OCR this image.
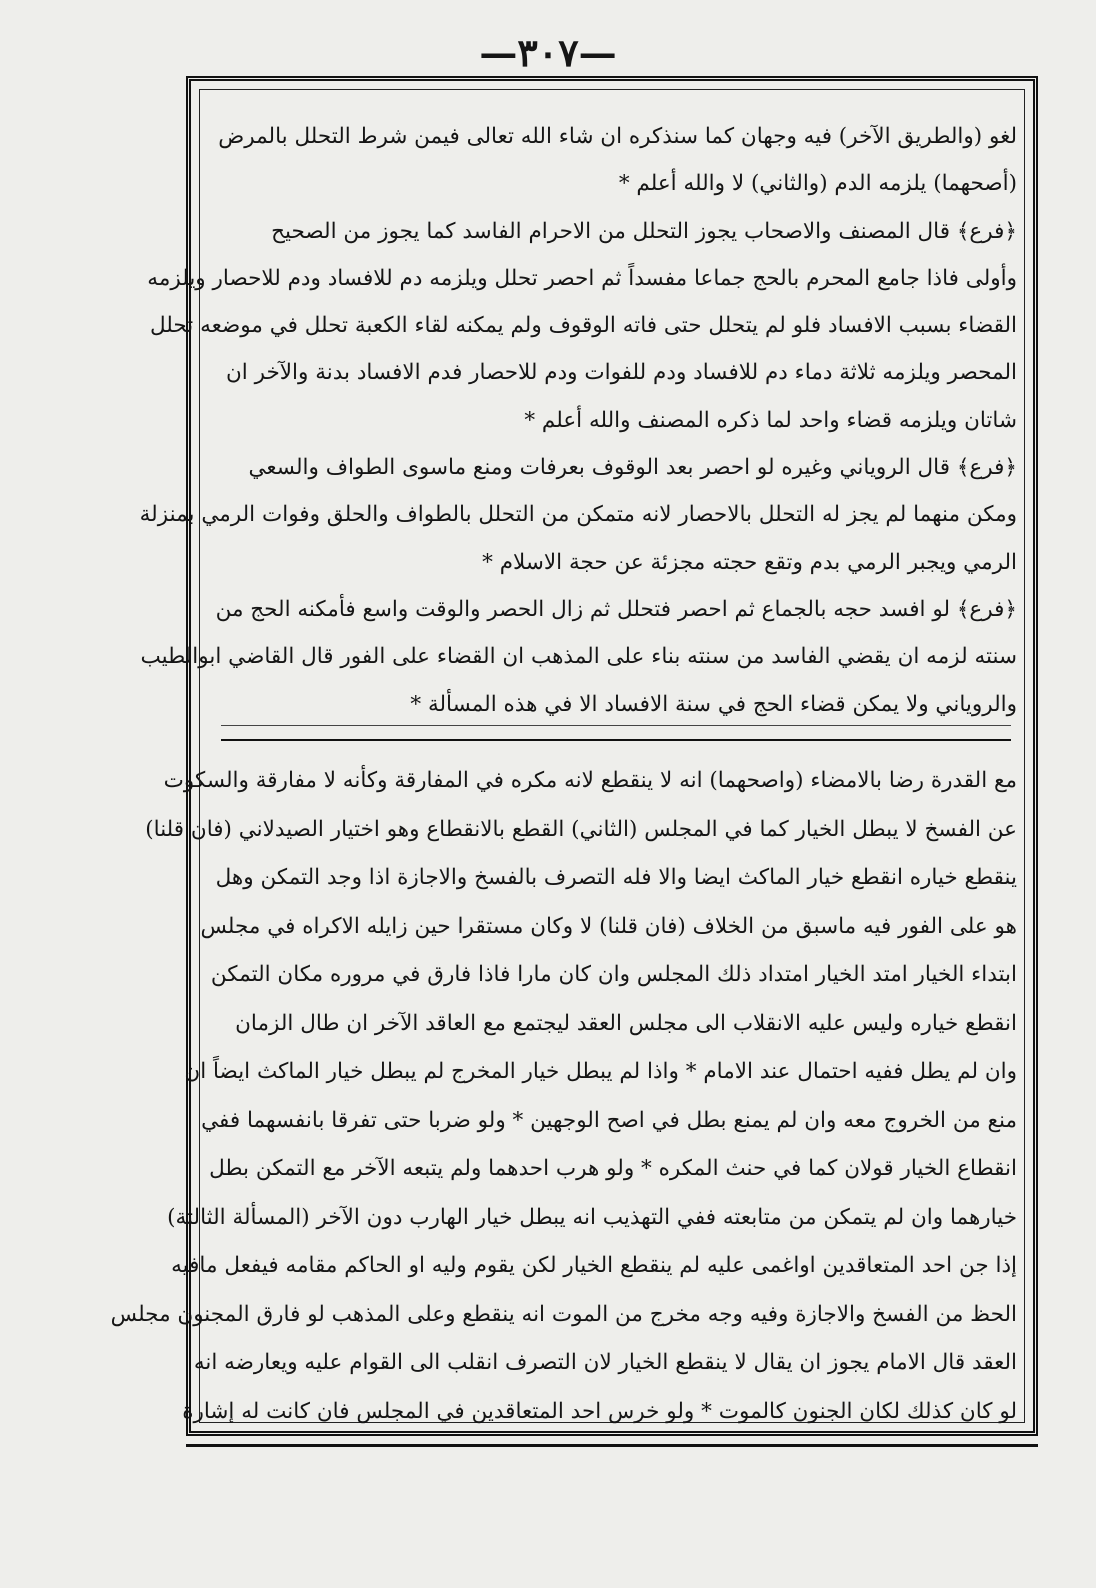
—٣٠٧—
لغو (والطريق الآخر) فيه وجهان كما سنذكره ان شاء الله تعالى فيمن شرط التحلل بالمرض
(أصحهما) يلزمه الدم (والثاني) لا والله أعلم *
﴿فرع﴾ قال المصنف والاصحاب يجوز التحلل من الاحرام الفاسد كما يجوز من الصحيح
وأولى فاذا جامع المحرم بالحج جماعا مفسداً ثم احصر تحلل ويلزمه دم للافساد ودم للاحصار ويلزمه
القضاء بسبب الافساد فلو لم يتحلل حتى فاته الوقوف ولم يمكنه لقاء الكعبة تحلل في موضعه تحلل
المحصر ويلزمه ثلاثة دماء دم للافساد ودم للفوات ودم للاحصار فدم الافساد بدنة والآخر ان
شاتان ويلزمه قضاء واحد لما ذكره المصنف والله أعلم *
﴿فرع﴾ قال الروياني وغيره لو احصر بعد الوقوف بعرفات ومنع ماسوى الطواف والسعي
ومكن منهما لم يجز له التحلل بالاحصار لانه متمكن من التحلل بالطواف والحلق وفوات الرمي بمنزلة
الرمي ويجبر الرمي بدم وتقع حجته مجزئة عن حجة الاسلام *
﴿فرع﴾ لو افسد حجه بالجماع ثم احصر فتحلل ثم زال الحصر والوقت واسع فأمكنه الحج من
سنته لزمه ان يقضي الفاسد من سنته بناء على المذهب ان القضاء على الفور قال القاضي ابوالطيب
والروياني ولا يمكن قضاء الحج في سنة الافساد الا في هذه المسألة *
مع القدرة رضا بالامضاء (واصحهما) انه لا ينقطع لانه مكره في المفارقة وكأنه لا مفارقة والسكوت
عن الفسخ لا يبطل الخيار كما في المجلس (الثاني) القطع بالانقطاع وهو اختيار الصيدلاني (فان قلنا)
ينقطع خياره انقطع خيار الماكث ايضا والا فله التصرف بالفسخ والاجازة اذا وجد التمكن وهل
هو على الفور فيه ماسبق من الخلاف (فان قلنا) لا وكان مستقرا حين زايله الاكراه في مجلس
ابتداء الخيار امتد الخيار امتداد ذلك المجلس وان كان مارا فاذا فارق في مروره مكان التمكن
انقطع خياره وليس عليه الانقلاب الى مجلس العقد ليجتمع مع العاقد الآخر ان طال الزمان
وان لم يطل ففيه احتمال عند الامام * واذا لم يبطل خيار المخرج لم يبطل خيار الماكث ايضاً ان
منع من الخروج معه وان لم يمنع بطل في اصح الوجهين * ولو ضربا حتى تفرقا بانفسهما ففي
انقطاع الخيار قولان كما في حنث المكره * ولو هرب احدهما ولم يتبعه الآخر مع التمكن بطل
خيارهما وان لم يتمكن من متابعته ففي التهذيب انه يبطل خيار الهارب دون الآخر (المسألة الثالثة)
إذا جن احد المتعاقدين اواغمى عليه لم ينقطع الخيار لكن يقوم وليه او الحاكم مقامه فيفعل مافيه
الحظ من الفسخ والاجازة وفيه وجه مخرج من الموت انه ينقطع وعلى المذهب لو فارق المجنون مجلس
العقد قال الامام يجوز ان يقال لا ينقطع الخيار لان التصرف انقلب الى القوام عليه ويعارضه انه
لو كان كذلك لكان الجنون كالموت * ولو خرس احد المتعاقدين في المجلس فان كانت له إشارة
